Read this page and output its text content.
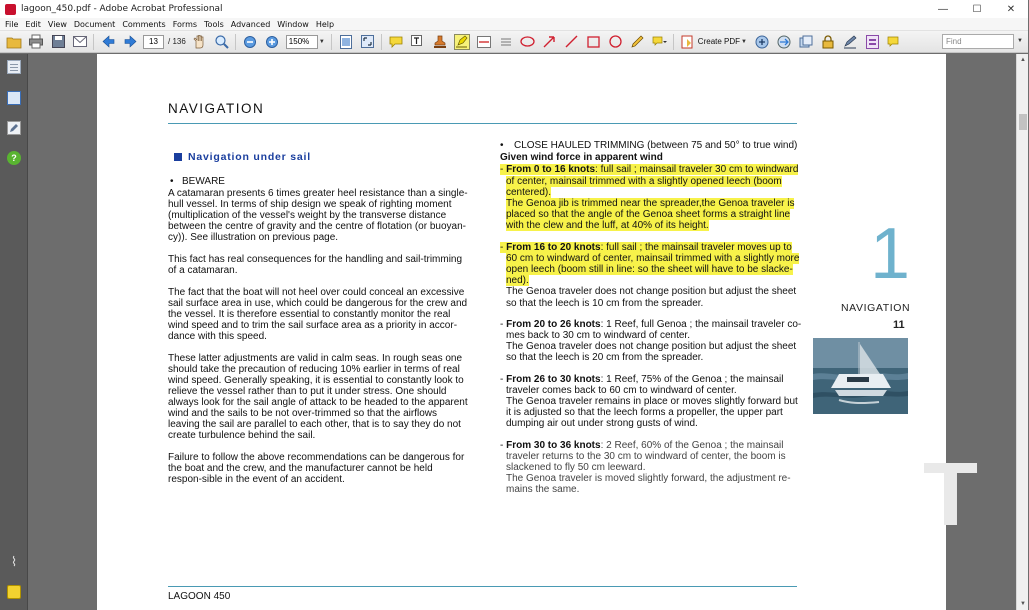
lagoon_450.pdf - Adobe Acrobat Professional	—	☐	✕
File Edit View Document Comments Forms Tools Advanced Window Help
13	/ 136	150%	▼	Create PDF ▼	Find	▼
?
⌇
NAVIGATION
Navigation under sail
• BEWARE

A catamaran presents 6 times greater heel resistance than a single-hull vessel. In terms of ship design we speak of righting moment (multiplication of the vessel's weight by the transverse distance between the centre of gravity and the centre of flotation (or buoyan-cy)). See illustration on previous page.

This fact has real consequences for the handling and sail-trimming of a catamaran.

The fact that the boat will not heel over could conceal an excessive sail surface area in use, which could be dangerous for the crew and the vessel. It is therefore essential to constantly monitor the real wind speed and to trim the sail surface area as a priority in accor-dance with this speed.

These latter adjustments are valid in calm seas. In rough seas one should take the precaution of reducing 10% earlier in terms of real wind speed. Generally speaking, it is essential to constantly look to relieve the vessel rather than to put it under stress. One should always look for the sail angle of attack to be headed to the apparent wind and the sails to be not over-trimmed so that the airflows leaving the sail are parallel to each other, that is to say they do not create turbulence behind the sail.

Failure to follow the above recommendations can be dangerous for the boat and the crew, and the manufacturer cannot be held respon-sible in the event of an accident.

• CLOSE HAULED TRIMMING (between 75 and 50° to true wind)
Given wind force in apparent wind
- From 0 to 16 knots: full sail ; mainsail traveler 30 cm to windward of center, mainsail trimmed with a slightly opened leech (boom centered).
The Genoa jib is trimmed near the spreader,the Genoa traveler is placed so that the angle of the Genoa sheet forms a straight line with the clew and the luff, at 40% of its height.
- From 16 to 20 knots: full sail ; the mainsail traveler moves up to 60 cm to windward of center, mainsail trimmed with a slightly more open leech (boom still in line: so the sheet will have to be slacke-ned).
The Genoa traveler does not change position but adjust the sheet so that the leech is 10 cm from the spreader.
- From 20 to 26 knots: 1 Reef, full Genoa ; the mainsail traveler co-mes back to 30 cm to windward of center.
The Genoa traveler does not change position but adjust the sheet so that the leech is 20 cm from the spreader.
- From 26 to 30 knots: 1 Reef, 75% of the Genoa ; the mainsail traveler comes back to 60 cm to windward of center.
The Genoa traveler remains in place or moves slightly forward but it is adjusted so that the leech forms a propeller, the upper part dumping air out under strong gusts of wind.
- From 30 to 36 knots: 2 Reef, 60% of the Genoa ; the mainsail traveler returns to the 30 cm to windward of center, the boom is slackened to fly 50 cm leeward.
The Genoa traveler is moved slightly forward, the adjustment re-mains the same.
1
NAVIGATION
11
T
LAGOON 450
▲
▼
